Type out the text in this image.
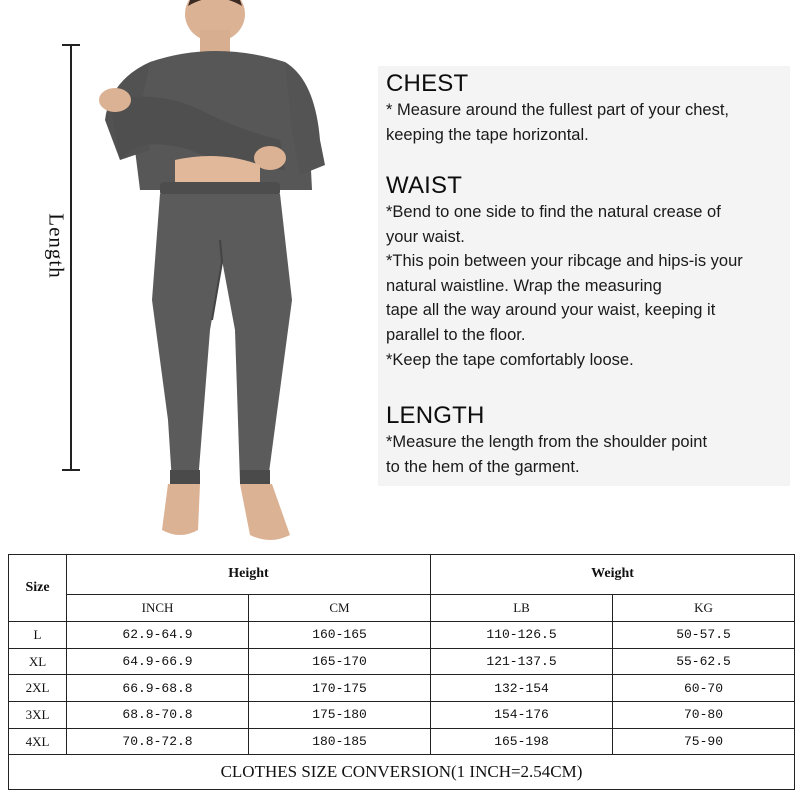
Length
CHEST
* Measure around the fullest part of your chest,
keeping the tape horizontal.
WAIST
*Bend to one side to find the natural crease of
your waist.
*This poin between your ribcage and hips-is your
natural waistline. Wrap the measuring
tape all the way around your waist, keeping it
parallel to the floor.
*Keep the tape comfortably loose.
LENGTH
*Measure the length from the shoulder point
to the hem of the garment.
Size	Height		Weight	
	INCH	CM	LB	KG
L	62.9-64.9	160-165	110-126.5	50-57.5
XL	64.9-66.9	165-170	121-137.5	55-62.5
2XL	66.9-68.8	170-175	132-154	60-70
3XL	68.8-70.8	175-180	154-176	70-80
4XL	70.8-72.8	180-185	165-198	75-90
CLOTHES SIZE CONVERSION(1 INCH=2.54CM)				
